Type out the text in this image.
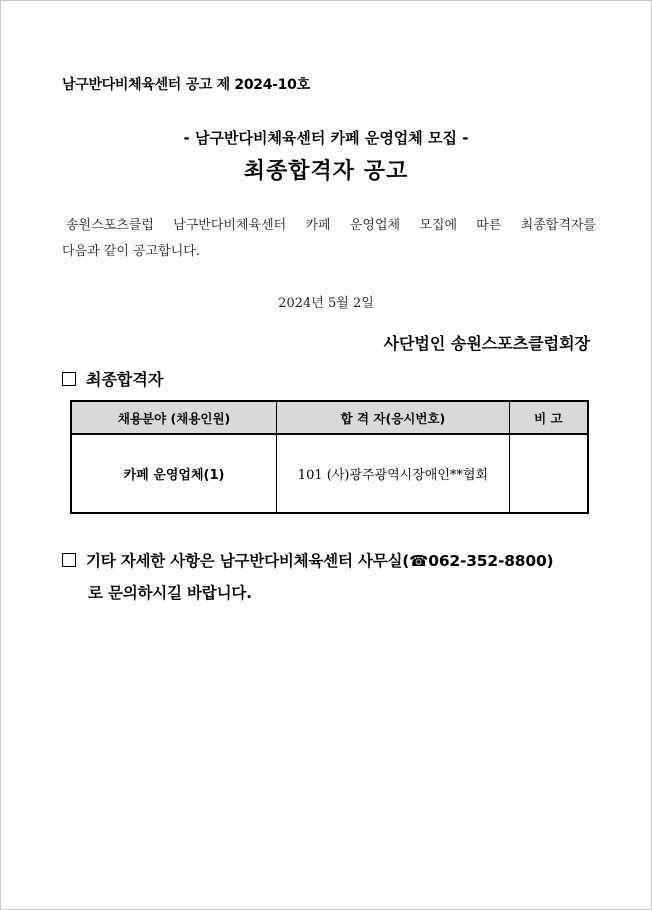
남구반다비체육센터 공고 제 2024-10호
- 남구반다비체육센터 카페 운영업체 모집 -
최종합격자 공고
송원스포츠클럽 남구반다비체육센터 카페 운영업체 모집에 따른 최종합격자를
다음과 같이 공고합니다.
2024년 5월 2일
사단법인 송원스포츠클럽회장
최종합격자
채용분야 (채용인원)	합 격 자(응시번호)	비 고
카페 운영업체(1)	101 (사)광주광역시장애인**협회	
기타 자세한 사항은 남구반다비체육센터 사무실(☎062-352-8800)
로 문의하시길 바랍니다.
